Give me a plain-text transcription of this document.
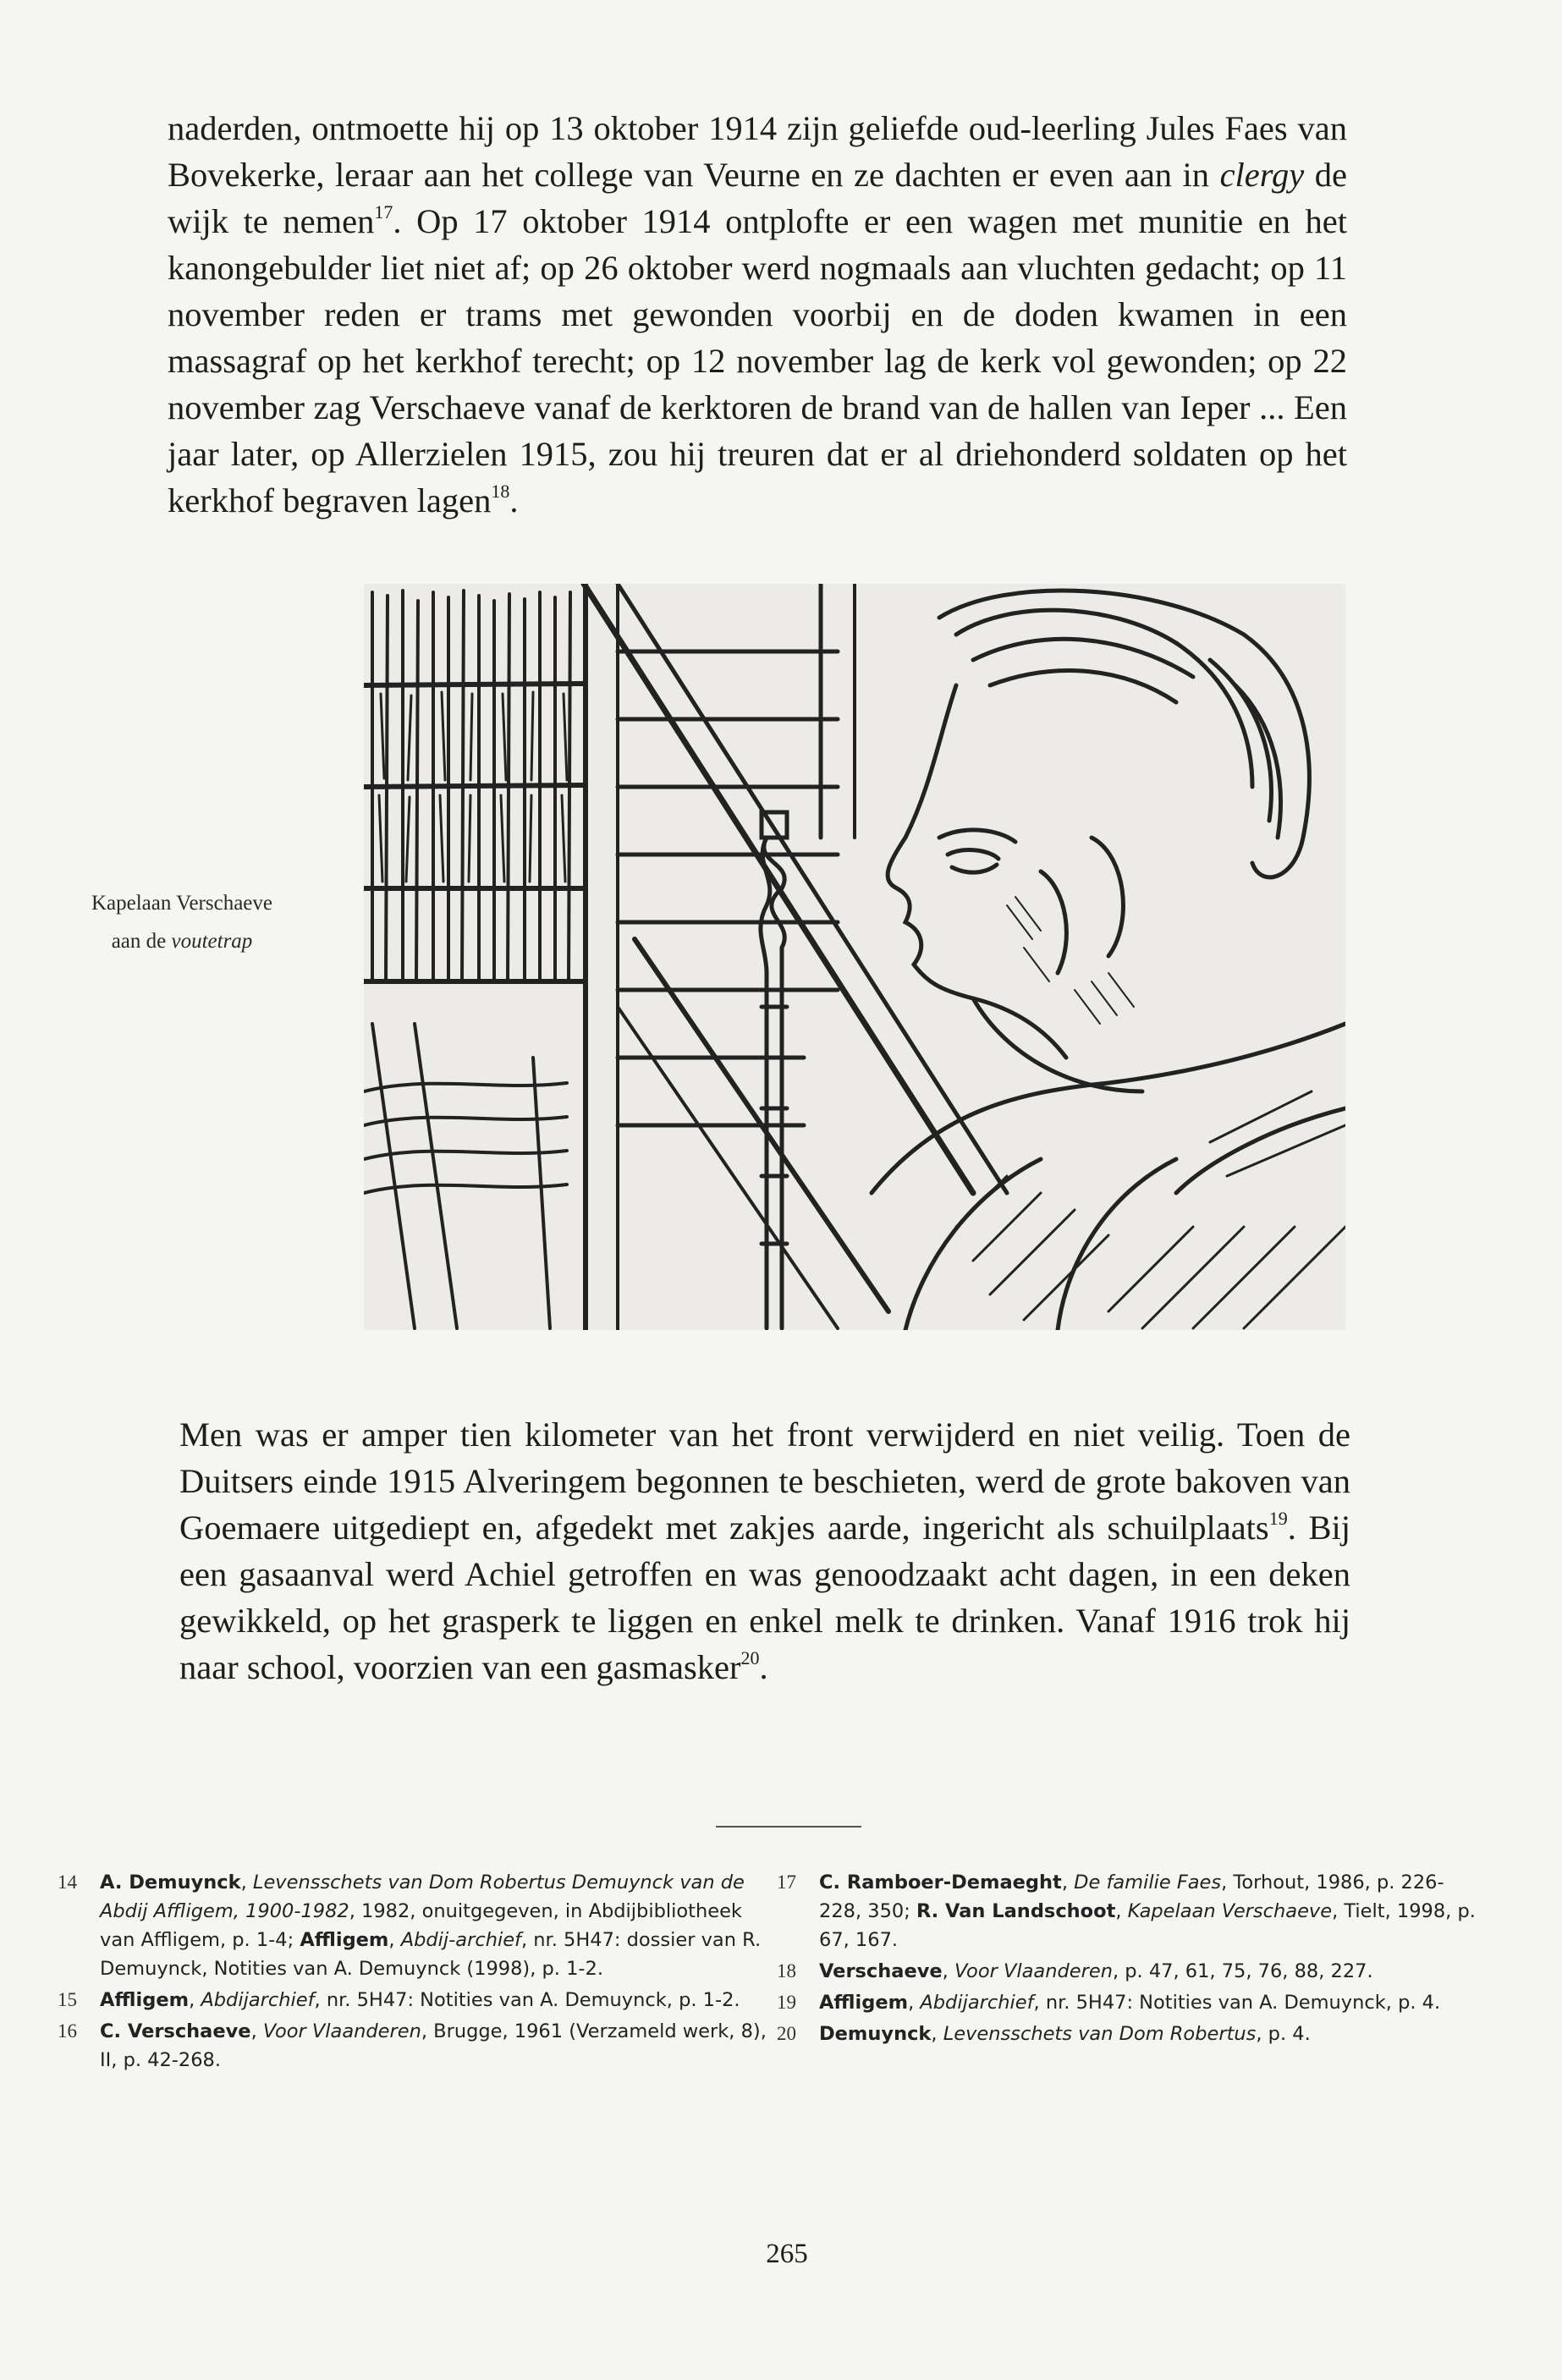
naderden, ontmoette hij op 13 oktober 1914 zijn geliefde oud-leerling Jules Faes van Bovekerke, leraar aan het college van Veurne en ze dachten er even aan in clergy de wijk te nemen$^{17}$. Op 17 oktober 1914 ontplofte er een wagen met munitie en het kanongebulder liet niet af; op 26 oktober werd nogmaals aan vluchten gedacht; op 11 november reden er trams met gewonden voorbij en de doden kwamen in een massagraf op het kerkhof terecht; op 12 november lag de kerk vol gewonden; op 22 november zag Verschaeve vanaf de kerktoren de brand van de hallen van Ieper ... Een jaar later, op Allerzielen 1915, zou hij treuren dat er al driehonderd soldaten op het kerkhof begraven lagen$^{18}$.

Kapelaan Verschaeve
aan de voutetrap

Men was er amper tien kilometer van het front verwijderd en niet veilig. Toen de Duitsers einde 1915 Alveringem begonnen te beschieten, werd de grote bakoven van Goemaere uitgediept en, afgedekt met zakjes aarde, ingericht als schuilplaats$^{19}$. Bij een gasaanval werd Achiel getroffen en was genoodzaakt acht dagen, in een deken gewikkeld, op het grasperk te liggen en enkel melk te drinken. Vanaf 1916 trok hij naar school, voorzien van een gasmasker$^{20}$.

14	A. Demuynck, Levensschets van Dom Robertus Demuynck van de Abdij Affligem, 1900-1982, 1982, onuitgegeven, in Abdijbibliotheek van Affligem, p. 1-4; Affligem, Abdij-archief, nr. 5H47: dossier van R. Demuynck, Notities van A. Demuynck (1998), p. 1-2.
15	Affligem, Abdijarchief, nr. 5H47: Notities van A. Demuynck, p. 1-2.
16	C. Verschaeve, Voor Vlaanderen, Brugge, 1961 (Verzameld werk, 8), II, p. 42-268.
17	C. Ramboer-Demaeght, De familie Faes, Torhout, 1986, p. 226-228, 350; R. Van Landschoot, Kapelaan Verschaeve, Tielt, 1998, p. 67, 167.
18	Verschaeve, Voor Vlaanderen, p. 47, 61, 75, 76, 88, 227.
19	Affligem, Abdijarchief, nr. 5H47: Notities van A. Demuynck, p. 4.
20	Demuynck, Levensschets van Dom Robertus, p. 4.
265
